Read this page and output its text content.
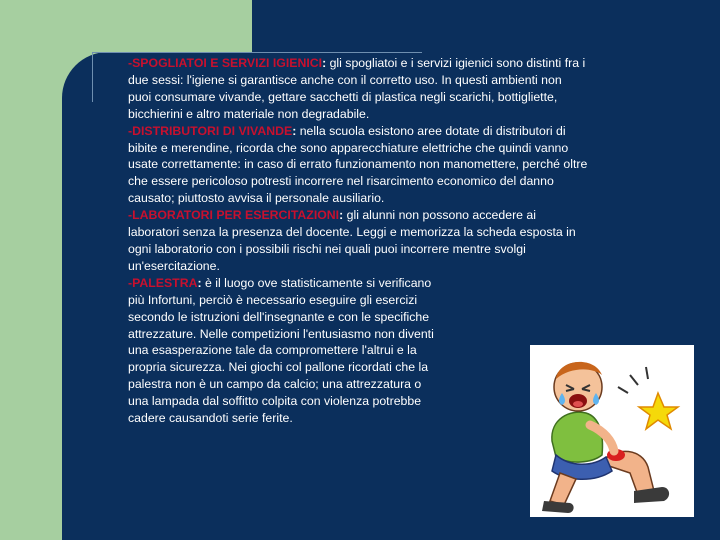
-SPOGLIATOI E SERVIZI IGIENICI: gli spogliatoi e i servizi igienici sono distinti fra i due sessi: l'igiene si garantisce anche con il corretto uso. In questi ambienti non puoi consumare vivande, gettare sacchetti di plastica negli scarichi, bottigliette, bicchierini e altro materiale non degradabile.

-DISTRIBUTORI DI VIVANDE: nella scuola esistono aree dotate di distributori di bibite e merendine, ricorda che sono apparecchiature elettriche che quindi vanno usate correttamente: in caso di errato funzionamento non manomettere, perché oltre che essere pericoloso potresti incorrere nel risarcimento economico del danno causato; piuttosto avvisa il personale ausiliario.

-LABORATORI PER ESERCITAZIONI: gli alunni non possono accedere ai laboratori senza la presenza del docente. Leggi e memorizza la scheda esposta in ogni laboratorio con i possibili rischi nei quali puoi incorrere mentre svolgi un'esercitazione.

-PALESTRA: è il luogo ove statisticamente si verificano più Infortuni, perciò è necessario eseguire gli esercizi secondo le istruzioni dell'insegnante e con le specifiche attrezzature. Nelle competizioni l'entusiasmo non diventi una esasperazione tale da compromettere l'altrui e la propria sicurezza. Nei giochi col pallone ricordati che la palestra non è un campo da calcio; una attrezzatura o una lampada dal soffitto colpita con violenza potrebbe cadere causandoti serie ferite.
